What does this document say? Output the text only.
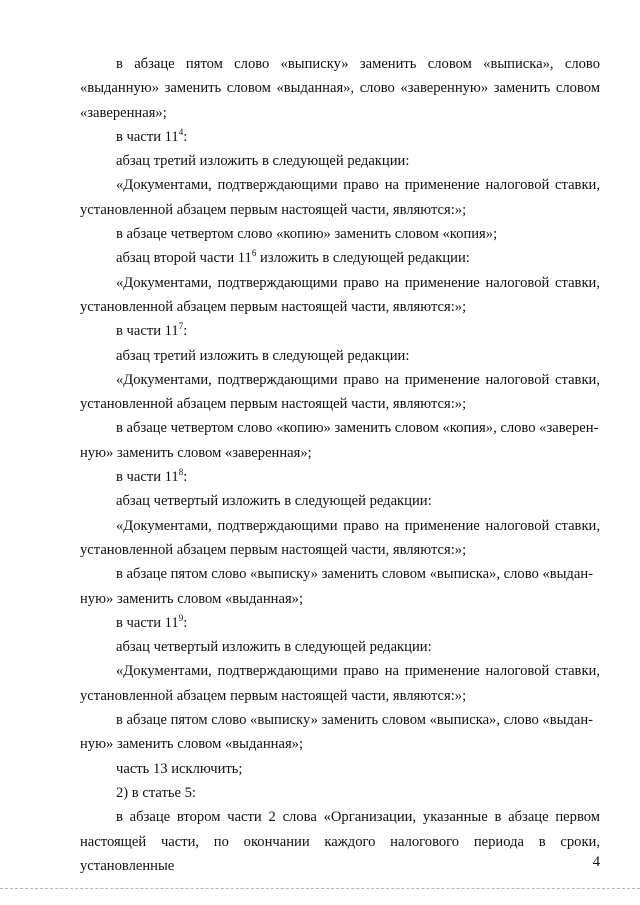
в абзаце пятом слово «выписку» заменить словом «выписка», слово «выданную» заменить словом «выданная», слово «заверенную» заменить словом «заверенная»;

в части $11^4$:

абзац третий изложить в следующей редакции:

«Документами, подтверждающими право на применение налоговой ставки, установленной абзацем первым настоящей части, являются:»;

в абзаце четвертом слово «копию» заменить словом «копия»;

абзац второй части $11^6$ изложить в следующей редакции:

«Документами, подтверждающими право на применение налоговой ставки, установленной абзацем первым настоящей части, являются:»;

в части $11^7$:

абзац третий изложить в следующей редакции:

«Документами, подтверждающими право на применение налоговой ставки, установленной абзацем первым настоящей части, являются:»;

в абзаце четвертом слово «копию» заменить словом «копия», слово «заверен-
ную» заменить словом «заверенная»;

в части $11^8$:

абзац четвертый изложить в следующей редакции:

«Документами, подтверждающими право на применение налоговой ставки, установленной абзацем первым настоящей части, являются:»;

в абзаце пятом слово «выписку» заменить словом «выписка», слово «выдан-
ную» заменить словом «выданная»;

в части $11^9$:

абзац четвертый изложить в следующей редакции:

«Документами, подтверждающими право на применение налоговой ставки, установленной абзацем первым настоящей части, являются:»;

в абзаце пятом слово «выписку» заменить словом «выписка», слово «выдан-
ную» заменить словом «выданная»;

часть 13 исключить;

2) в статье 5:

в абзаце втором части 2 слова «Организации, указанные в абзаце первом настоящей части, по окончании каждого налогового периода в сроки, установленные	4
